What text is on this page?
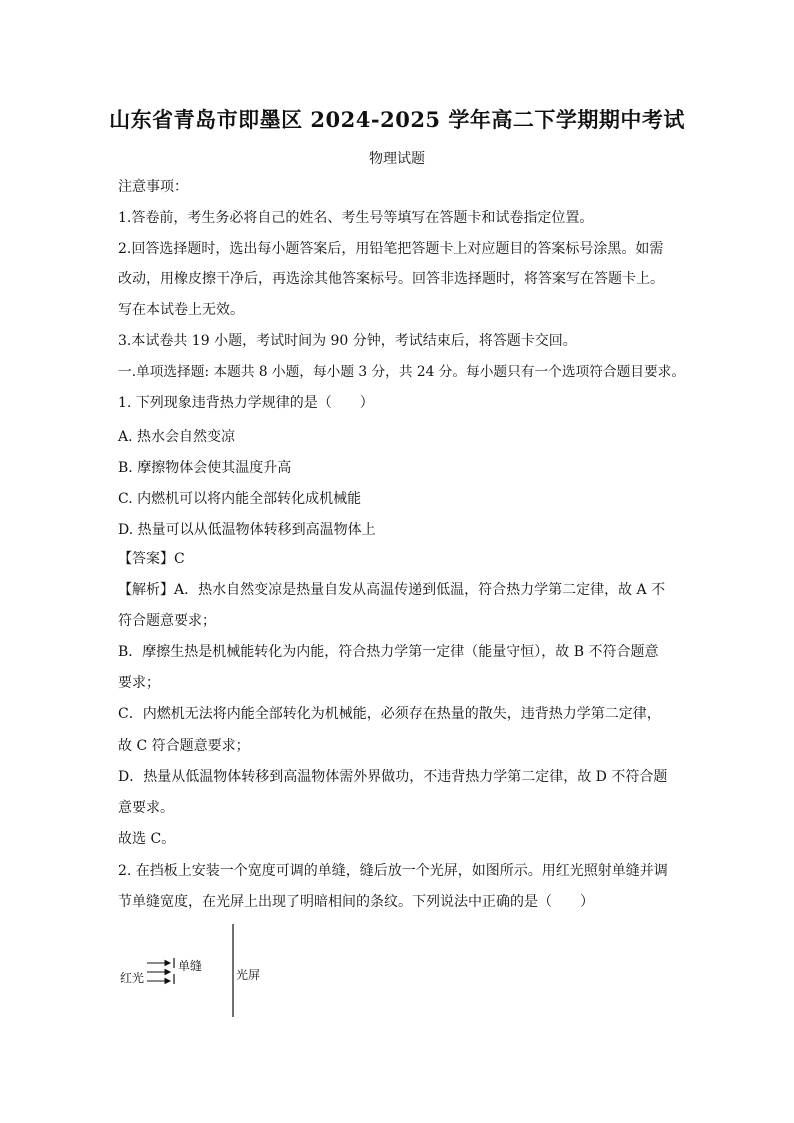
山东省青岛市即墨区 2024-2025 学年高二下学期期中考试
物理试题
注意事项：
1.答卷前，考生务必将自己的姓名、考生号等填写在答题卡和试卷指定位置。
2.回答选择题时，选出每小题答案后，用铅笔把答题卡上对应题目的答案标号涂黑。如需
改动，用橡皮擦干净后，再选涂其他答案标号。回答非选择题时，将答案写在答题卡上。
写在本试卷上无效。
3.本试卷共 19 小题，考试时间为 90 分钟，考试结束后，将答题卡交回。
一.单项选择题: 本题共 8 小题，每小题 3 分，共 24 分。每小题只有一个选项符合题目要求。
1. 下列现象违背热力学规律的是（　　）
A. 热水会自然变凉
B. 摩擦物体会使其温度升高
C. 内燃机可以将内能全部转化成机械能
D. 热量可以从低温物体转移到高温物体上
【答案】C
【解析】A．热水自然变凉是热量自发从高温传递到低温，符合热力学第二定律，故 A 不
符合题意要求；
B．摩擦生热是机械能转化为内能，符合热力学第一定律（能量守恒），故 B 不符合题意
要求；
C．内燃机无法将内能全部转化为机械能，必须存在热量的散失，违背热力学第二定律，
故 C 符合题意要求；
D．热量从低温物体转移到高温物体需外界做功，不违背热力学第二定律，故 D 不符合题
意要求。
故选 C。
2. 在挡板上安装一个宽度可调的单缝，缝后放一个光屏，如图所示。用红光照射单缝并调
节单缝宽度，在光屏上出现了明暗相间的条纹。下列说法中正确的是（　　）
红光
单缝
光屏
